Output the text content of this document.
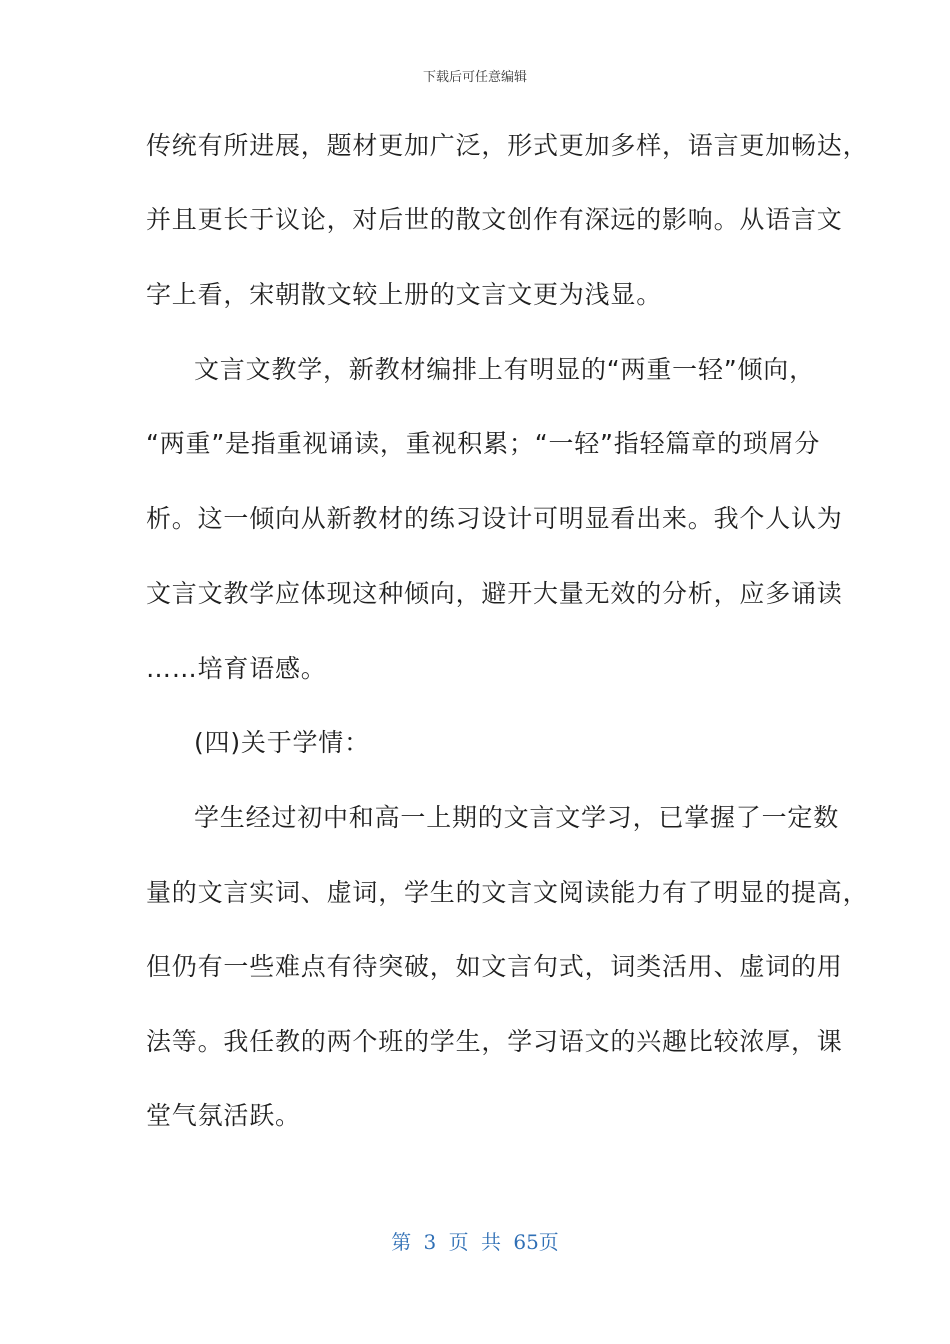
下载后可任意编辑
传统有所进展，题材更加广泛，形式更加多样，语言更加畅达，
并且更长于议论，对后世的散文创作有深远的影响。从语言文
字上看，宋朝散文较上册的文言文更为浅显。
文言文教学，新教材编排上有明显的“两重一轻”倾向，
“两重”是指重视诵读，重视积累；“一轻”指轻篇章的琐屑分
析。这一倾向从新教材的练习设计可明显看出来。我个人认为
文言文教学应体现这种倾向，避开大量无效的分析，应多诵读
……培育语感。
(四)关于学情：
学生经过初中和高一上期的文言文学习，已掌握了一定数
量的文言实词、虚词，学生的文言文阅读能力有了明显的提高，
但仍有一些难点有待突破，如文言句式，词类活用、虚词的用
法等。我任教的两个班的学生，学习语文的兴趣比较浓厚，课
堂气氛活跃。
第 3 页 共 65页
